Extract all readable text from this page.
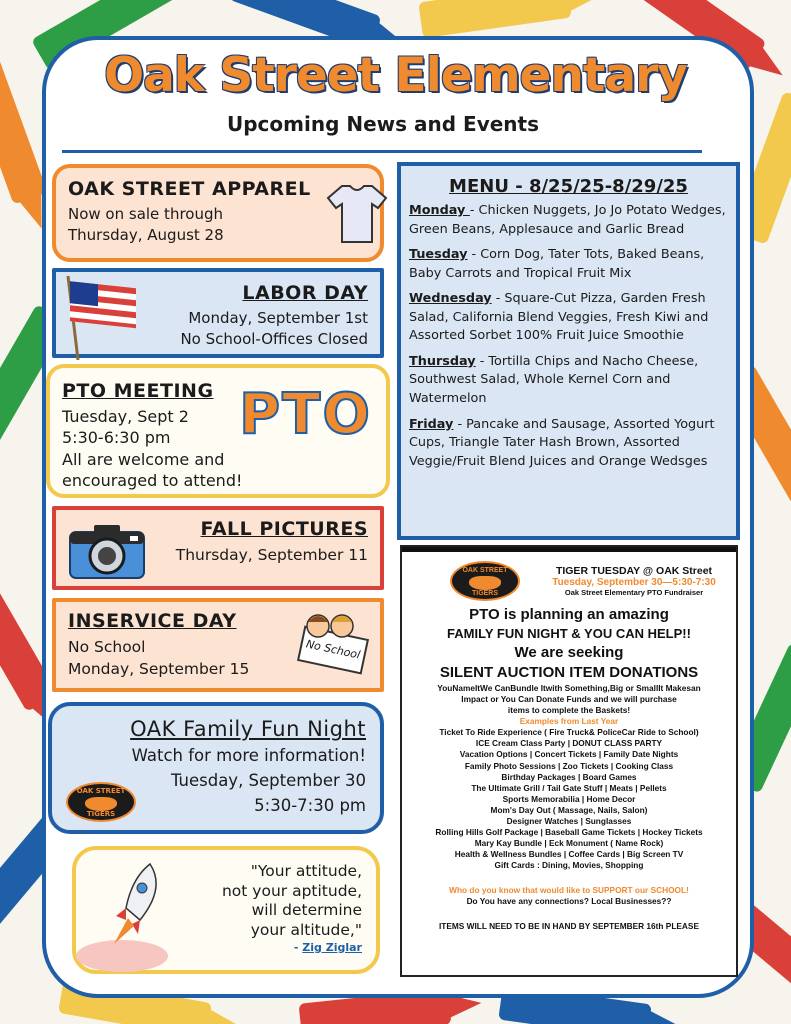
Oak Street Elementary
Upcoming News and Events
OAK STREET APPAREL
Now on sale through
Thursday, August 28
LABOR DAY
Monday, September 1st
No School-Offices Closed
PTO MEETING
Tuesday, Sept 2
5:30-6:30 pm
All are welcome and
encouraged to attend!
PTO
FALL PICTURES
Thursday, September 11
INSERVICE DAY
No School
Monday, September 15
No School
OAK Family Fun Night
Watch for more information!
Tuesday, September 30
5:30-7:30 pm
OAK STREET
TIGERS
"Your attitude,
not your aptitude,
will determine
your altitude,"
- Zig Ziglar
MENU - 8/25/25-8/29/25

Monday - Chicken Nuggets, Jo Jo Potato Wedges, Green Beans, Applesauce and Garlic Bread

Tuesday - Corn Dog, Tater Tots, Baked Beans, Baby Carrots and Tropical Fruit Mix

Wednesday - Square-Cut Pizza, Garden Fresh Salad, California Blend Veggies, Fresh Kiwi and Assorted Sorbet 100% Fruit Juice Smoothie

Thursday - Tortilla Chips and Nacho Cheese, Southwest Salad, Whole Kernel Corn and Watermelon

Friday - Pancake and Sausage, Assorted Yogurt Cups, Triangle Tater Hash Brown, Assorted Veggie/Fruit Blend Juices and Orange Wedsges

OAK STREET
TIGERS
TIGER TUESDAY @ OAK Street
Tuesday, September 30—5:30-7:30
Oak Street Elementary PTO Fundraiser
PTO is planning an amazing
FAMILY FUN NIGHT & YOU CAN HELP!!
We are seeking
SILENT AUCTION ITEM DONATIONS
YouNameItWe CanBundle Itwith Something,Big or SmallIt Makesan
Impact or You Can Donate Funds and we will purchase
items to complete the Baskets!
Examples from Last Year
Ticket To Ride Experience ( Fire Truck& PoliceCar Ride to School)
ICE Cream Class Party | DONUT CLASS PARTY
Vacation Options | Concert Tickets | Family Date Nights
Family Photo Sessions | Zoo Tickets | Cooking Class
Birthday Packages | Board Games
The Ultimate Grill / Tail Gate Stuff | Meats | Pellets
Sports Memorabilia | Home Decor
Mom's Day Out ( Massage, Nails, Salon)
Designer Watches | Sunglasses
Rolling Hills Golf Package | Baseball Game Tickets | Hockey Tickets
Mary Kay Bundle | Eck Monument ( Name Rock)
Health & Wellness Bundles | Coffee Cards | Big Screen TV
Gift Cards : Dining, Movies, Shopping
Who do you know that would like to SUPPORT our SCHOOL!
Do You have any connections? Local Businesses??
ITEMS WILL NEED TO BE IN HAND BY SEPTEMBER 16th PLEASE
